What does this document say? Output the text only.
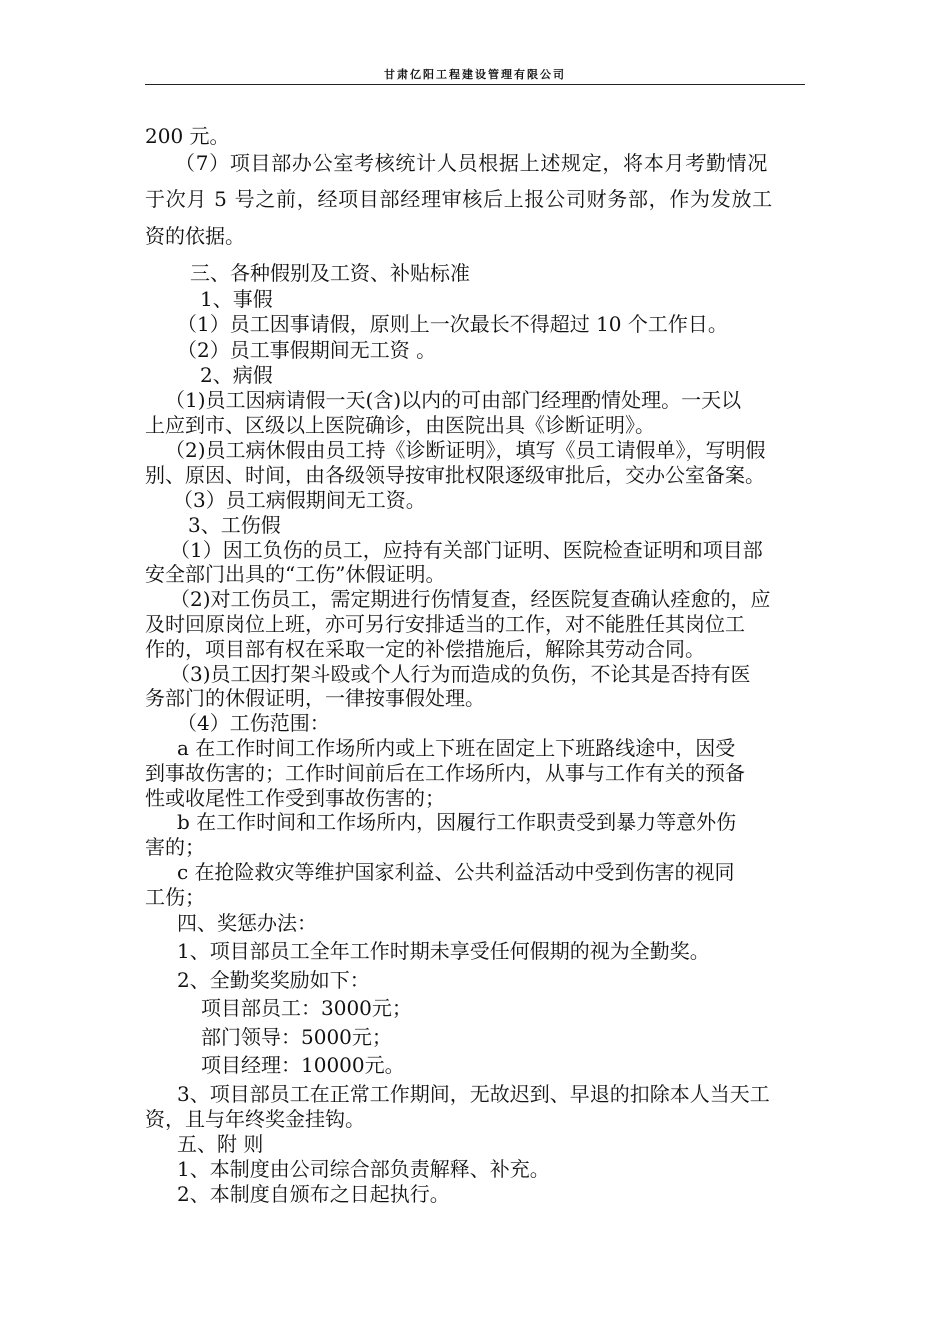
甘肃亿阳工程建设管理有限公司
200 元。
（7）项目部办公室考核统计人员根据上述规定，将本月考勤情况
于次月 5 号之前，经项目部经理审核后上报公司财务部，作为发放工
资的依据。
三、各种假别及工资、补贴标准
1、事假
（1）员工因事请假，原则上一次最长不得超过 10 个工作日。
（2）员工事假期间无工资 。
2、病假
（1)员工因病请假一天(含)以内的可由部门经理酌情处理。一天以
上应到市、区级以上医院确诊，由医院出具《诊断证明》。
（2)员工病休假由员工持《诊断证明》，填写《员工请假单》，写明假
别、原因、时间，由各级领导按审批权限逐级审批后，交办公室备案。
（3）员工病假期间无工资。
3、工伤假
（1）因工负伤的员工，应持有关部门证明、医院检查证明和项目部
安全部门出具的“工伤”休假证明。
（2)对工伤员工，需定期进行伤情复查，经医院复查确认痊愈的，应
及时回原岗位上班，亦可另行安排适当的工作，对不能胜任其岗位工
作的，项目部有权在采取一定的补偿措施后，解除其劳动合同。
（3)员工因打架斗殴或个人行为而造成的负伤，不论其是否持有医
务部门的休假证明，一律按事假处理。
（4）工伤范围：
a 在工作时间工作场所内或上下班在固定上下班路线途中，因受
到事故伤害的；工作时间前后在工作场所内，从事与工作有关的预备
性或收尾性工作受到事故伤害的；
b 在工作时间和工作场所内，因履行工作职责受到暴力等意外伤
害的；
c 在抢险救灾等维护国家利益、公共利益活动中受到伤害的视同
工伤；
四、奖惩办法：
1、项目部员工全年工作时期未享受任何假期的视为全勤奖。
2、全勤奖奖励如下：
项目部员工：3000元；
部门领导：5000元；
项目经理：10000元。
3、项目部员工在正常工作期间，无故迟到、早退的扣除本人当天工
资，且与年终奖金挂钩。
五、附 则
1、本制度由公司综合部负责解释、补充。
2、本制度自颁布之日起执行。
